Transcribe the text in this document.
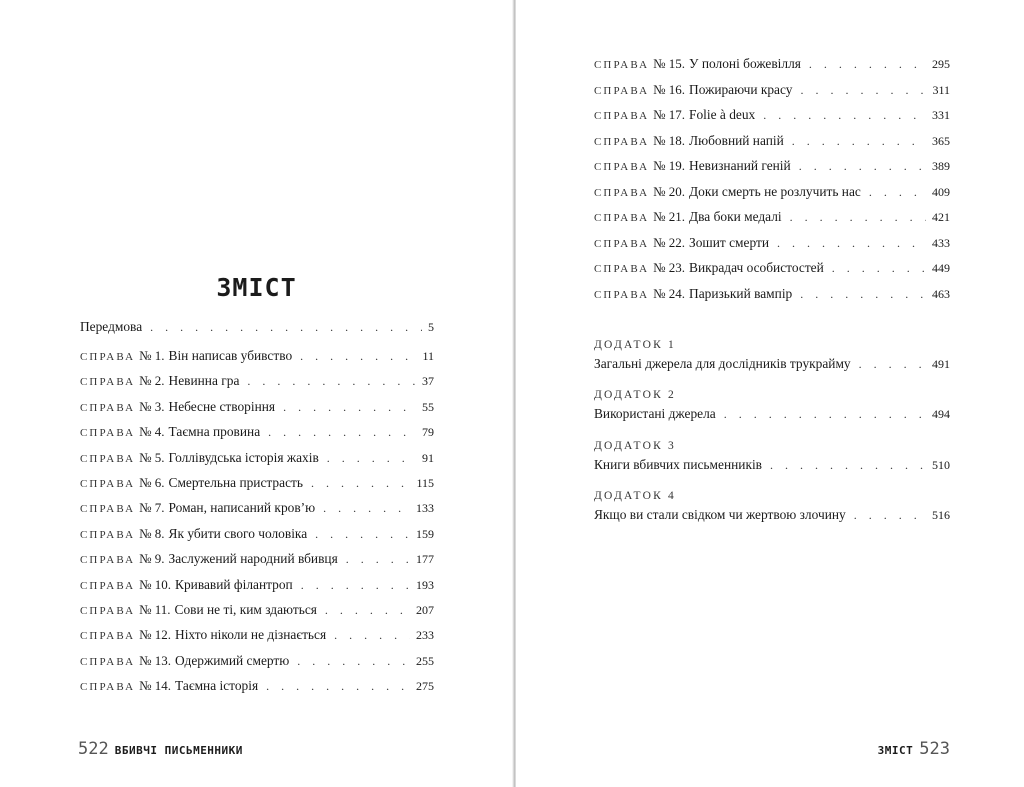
ЗМІСТ
Передмова . . .	5
СПРАВА № 1. Він написав убивство . . .	11
СПРАВА № 2. Невинна гра . . .	37
СПРАВА № 3. Небесне створіння . . .	55
СПРАВА № 4. Таємна провина . . .	79
СПРАВА № 5. Голлівудська історія жахів . . .	91
СПРАВА № 6. Смертельна пристрасть . . .	115
СПРАВА № 7. Роман, написаний кров’ю . . .	133
СПРАВА № 8. Як убити свого чоловіка . . .	159
СПРАВА № 9. Заслужений народний вбивця . . .	177
СПРАВА № 10. Кривавий філантроп . . .	193
СПРАВА № 11. Сови не ті, ким здаються . . .	207
СПРАВА № 12. Ніхто ніколи не дізнається . . .	233
СПРАВА № 13. Одержимий смертю . . .	255
СПРАВА № 14. Таємна історія . . .	275
522 ВБИВЧІ ПИСЬМЕННИКИ
СПРАВА № 15. У полоні божевілля . . .	295
СПРАВА № 16. Пожираючи красу . . .	311
СПРАВА № 17. Folie à deux . . .	331
СПРАВА № 18. Любовний напій . . .	365
СПРАВА № 19. Невизнаний геній . . .	389
СПРАВА № 20. Доки смерть не розлучить нас . . .	409
СПРАВА № 21. Два боки медалі . . .	421
СПРАВА № 22. Зошит смерти . . .	433
СПРАВА № 23. Викрадач особистостей . . .	449
СПРАВА № 24. Паризький вампір . . .	463
ДОДАТОК 1
Загальні джерела для дослідників трукрайму . . .	491
ДОДАТОК 2
Використані джерела . . .	494
ДОДАТОК 3
Книги вбивчих письменників . . .	510
ДОДАТОК 4
Якщо ви стали свідком чи жертвою злочину . . .	516
ЗМІСТ 523
